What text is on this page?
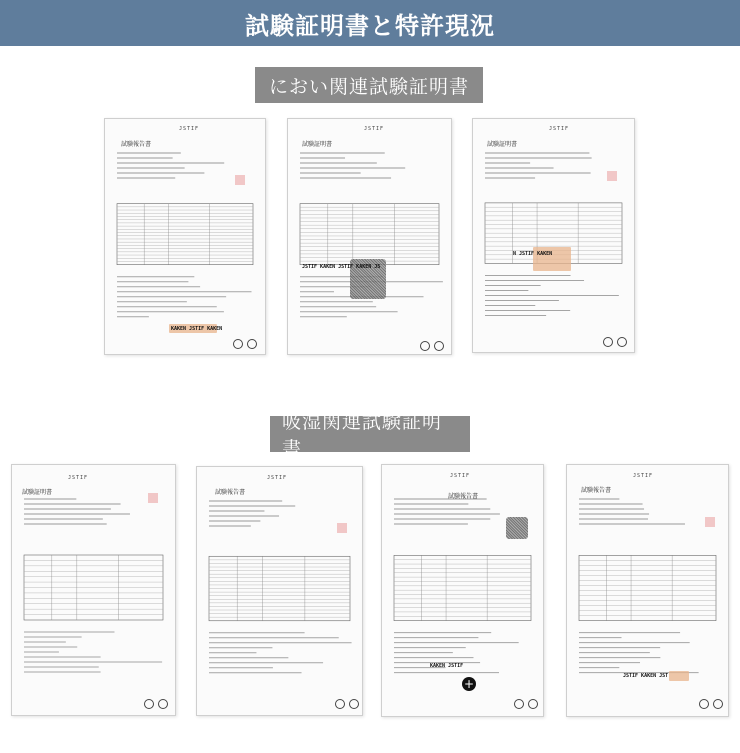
試験証明書と特許現況
におい関連試験証明書
JSTIF
試験報告書
KAKEN JSTIF KAKEN
JSTIF
試験証明書
JSTIF KAKEN JSTIF KAKEN JS
JSTIF
試験証明書
N JSTIF KAKEN
吸湿関連試験証明書
JSTIF
試験証明書
JSTIF
試験報告書
JSTIF
試験報告書
KAKEN JSTIF
+
JSTIF
試験報告書
JSTIF KAKEN JST
